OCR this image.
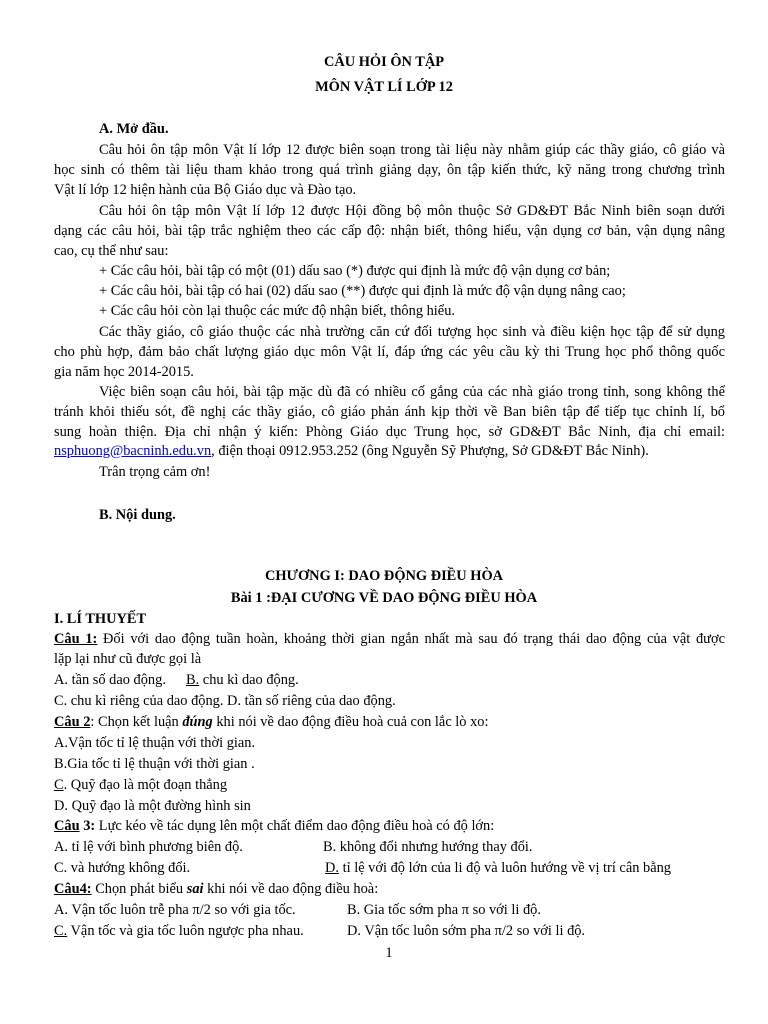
CÂU HỎI ÔN TẬP
MÔN VẬT LÍ LỚP 12
A. Mở đầu.
Câu hỏi ôn tập môn Vật lí lớp 12 được biên soạn trong tài liệu này nhằm giúp các thầy giáo, cô giáo và
học sinh có thêm tài liệu tham khảo trong quá trình giảng dạy, ôn tập kiến thức, kỹ năng trong chương trình
Vật lí lớp 12 hiện hành của Bộ Giáo dục và Đào tạo.
Câu hỏi ôn tập môn Vật lí lớp 12 được Hội đồng bộ môn thuộc Sở GD&ĐT Bắc Ninh biên soạn dưới
dạng các câu hỏi, bài tập trắc nghiệm theo các cấp độ: nhận biết, thông hiểu, vận dụng cơ bản, vận dụng nâng
cao, cụ thể như sau:
+ Các câu hỏi, bài tập có một (01) dấu sao (*) được qui định là mức độ vận dụng cơ bản;
+ Các câu hỏi, bài tập có hai (02) dấu sao (**) được qui định là mức độ vận dụng nâng cao;
+ Các câu hỏi còn lại thuộc các mức độ nhận biết, thông hiểu.
Các thầy giáo, cô giáo thuộc các nhà trường căn cứ đối tượng học sinh và điều kiện học tập để sử dụng
cho phù hợp, đảm bảo chất lượng giáo dục môn Vật lí, đáp ứng các yêu cầu kỳ thi Trung học phổ thông quốc
gia năm học 2014-2015.
Việc biên soạn câu hỏi, bài tập mặc dù đã có nhiều cố gắng của các nhà giáo trong tỉnh, song không thể
tránh khỏi thiếu sót, đề nghị các thầy giáo, cô giáo phản ánh kịp thời về Ban biên tập để tiếp tục chỉnh lí, bổ
sung hoàn thiện. Địa chỉ nhận ý kiến: Phòng Giáo dục Trung học, sở GD&ĐT Bắc Ninh, địa chỉ email:
nsphuong@bacninh.edu.vn, điện thoại 0912.953.252 (ông Nguyễn Sỹ Phượng, Sở GD&ĐT Bắc Ninh).
Trân trọng cảm ơn!
B. Nội dung.
CHƯƠNG I: DAO ĐỘNG ĐIỀU HÒA
Bài 1 :ĐẠI CƯƠNG VỀ DAO ĐỘNG ĐIỀU HÒA
I. LÍ THUYẾT
Câu 1: Đối với dao động tuần hoàn, khoảng thời gian ngắn nhất mà sau đó trạng thái dao động của vật được
lặp lại như cũ được gọi là
A. tần số dao động. B. chu kì dao động.
C. chu kì riêng của dao động. D. tần số riêng của dao động.
Câu 2: Chọn kết luận đúng khi nói về dao động điều hoà cuả con lắc lò xo:
A.Vận tốc tỉ lệ thuận với thời gian.
B.Gia tốc tỉ lệ thuận với thời gian .
C. Quỹ đạo là một đoạn thẳng
D. Quỹ đạo là một đường hình sin
Câu 3: Lực kéo về tác dụng lên một chất điểm dao động điều hoà có độ lớn:
A. tỉ lệ với bình phương biên độ.	B. không đổi nhưng hướng thay đổi.
C. và hướng không đổi.	D. tỉ lệ với độ lớn của li độ và luôn hướng về vị trí cân bằng
Câu4: Chọn phát biểu sai khi nói về dao động điều hoà:
A. Vận tốc luôn trễ pha π/2 so với gia tốc.	B. Gia tốc sớm pha π so với li độ.
C. Vận tốc và gia tốc luôn ngược pha nhau.	D. Vận tốc luôn sớm pha π/2 so với li độ.
1
